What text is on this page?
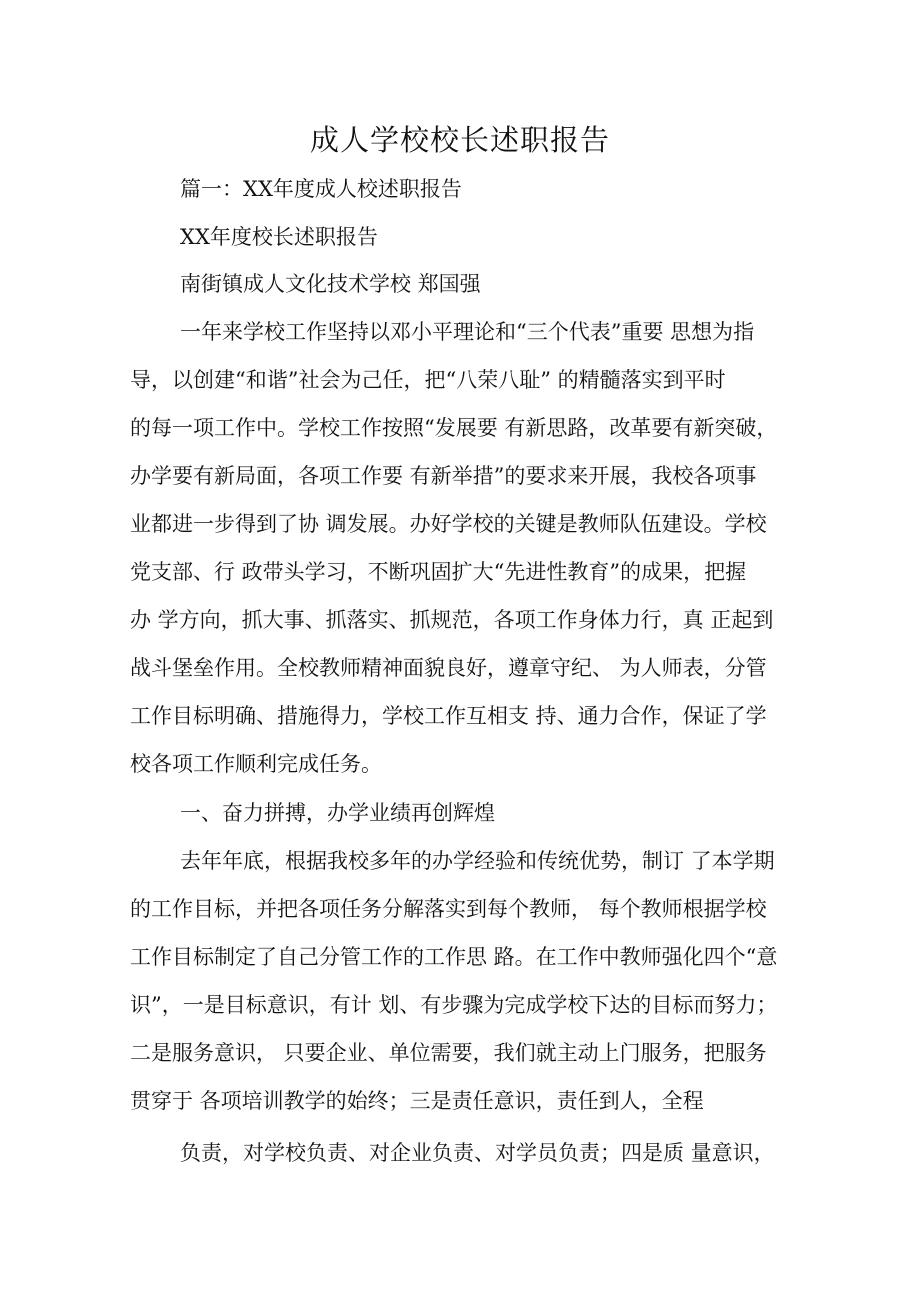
成人学校校长述职报告
篇一：XX年度成人校述职报告
XX年度校长述职报告
南街镇成人文化技术学校 郑国强
一年来学校工作坚持以邓小平理论和“三个代表”重要 思想为指
导，以创建“和谐”社会为己任，把“八荣八耻” 的精髓落实到平时
的每一项工作中。学校工作按照“发展要 有新思路，改革要有新突破，
办学要有新局面，各项工作要 有新举措”的要求来开展，我校各项事
业都进一步得到了协 调发展。办好学校的关键是教师队伍建设。学校
党支部、行 政带头学习，不断巩固扩大“先进性教育”的成果，把握
办 学方向，抓大事、抓落实、抓规范，各项工作身体力行，真 正起到
战斗堡垒作用。全校教师精神面貌良好，遵章守纪、 为人师表，分管
工作目标明确、措施得力，学校工作互相支 持、通力合作，保证了学
校各项工作顺利完成任务。
一、奋力拼搏，办学业绩再创辉煌
去年年底，根据我校多年的办学经验和传统优势，制订 了本学期
的工作目标，并把各项任务分解落实到每个教师， 每个教师根据学校
工作目标制定了自己分管工作的工作思 路。在工作中教师强化四个“意
识”，一是目标意识，有计 划、有步骤为完成学校下达的目标而努力；
二是服务意识， 只要企业、单位需要，我们就主动上门服务，把服务
贯穿于 各项培训教学的始终；三是责任意识，责任到人，全程
负责，对学校负责、对企业负责、对学员负责；四是质 量意识，
